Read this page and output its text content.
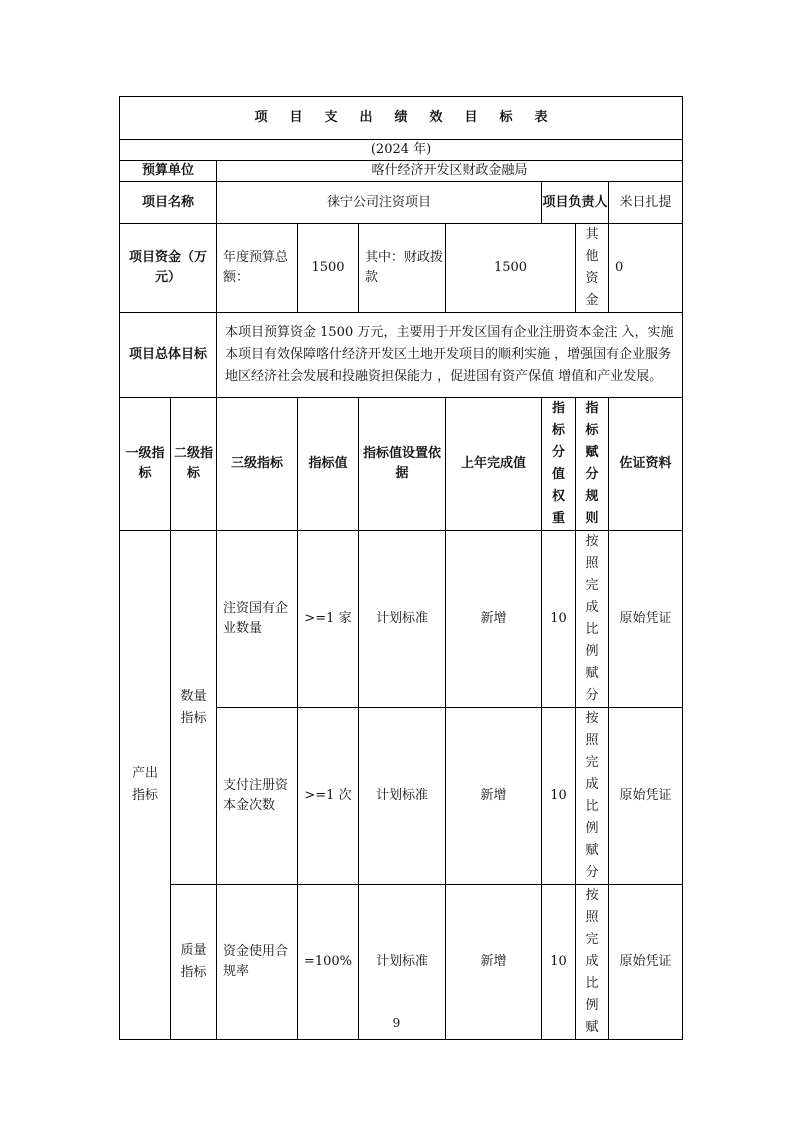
项目支出绩效目标表								
(2024 年)								
预算单位		喀什经济开发区财政金融局						
项目名称		徕宁公司注资项目				项目负责人		米日扎提
项目资金（万元）		年度预算总额：	1500	其中：财政拨款	1500		其他资金	0
项目总体目标		本项目预算资金 1500 万元，主要用于开发区国有企业注册资本金注 入，实施本项目有效保障喀什经济开发区土地开发项目的顺利实施 ，增强国有企业服务地区经济社会发展和投融资担保能力 ，促进国有资产保值 增值和产业发展。						
一级指标	二级指标	三级指标	指标值	指标值设置依据	上年完成值	指标分值权重	指标赋分规则	佐证资料

产出指标	数量指标	注资国有企业数量	>=1 家	计划标准	新增	10	按照完成比例赋分	原始凭证
		支付注册资本金次数	>=1 次	计划标准	新增	10	按照完成比例赋分	原始凭证

	质量指标	资金使用合规率	=100%	计划标准	新增	10	按照完成比例赋	原始凭证
9
